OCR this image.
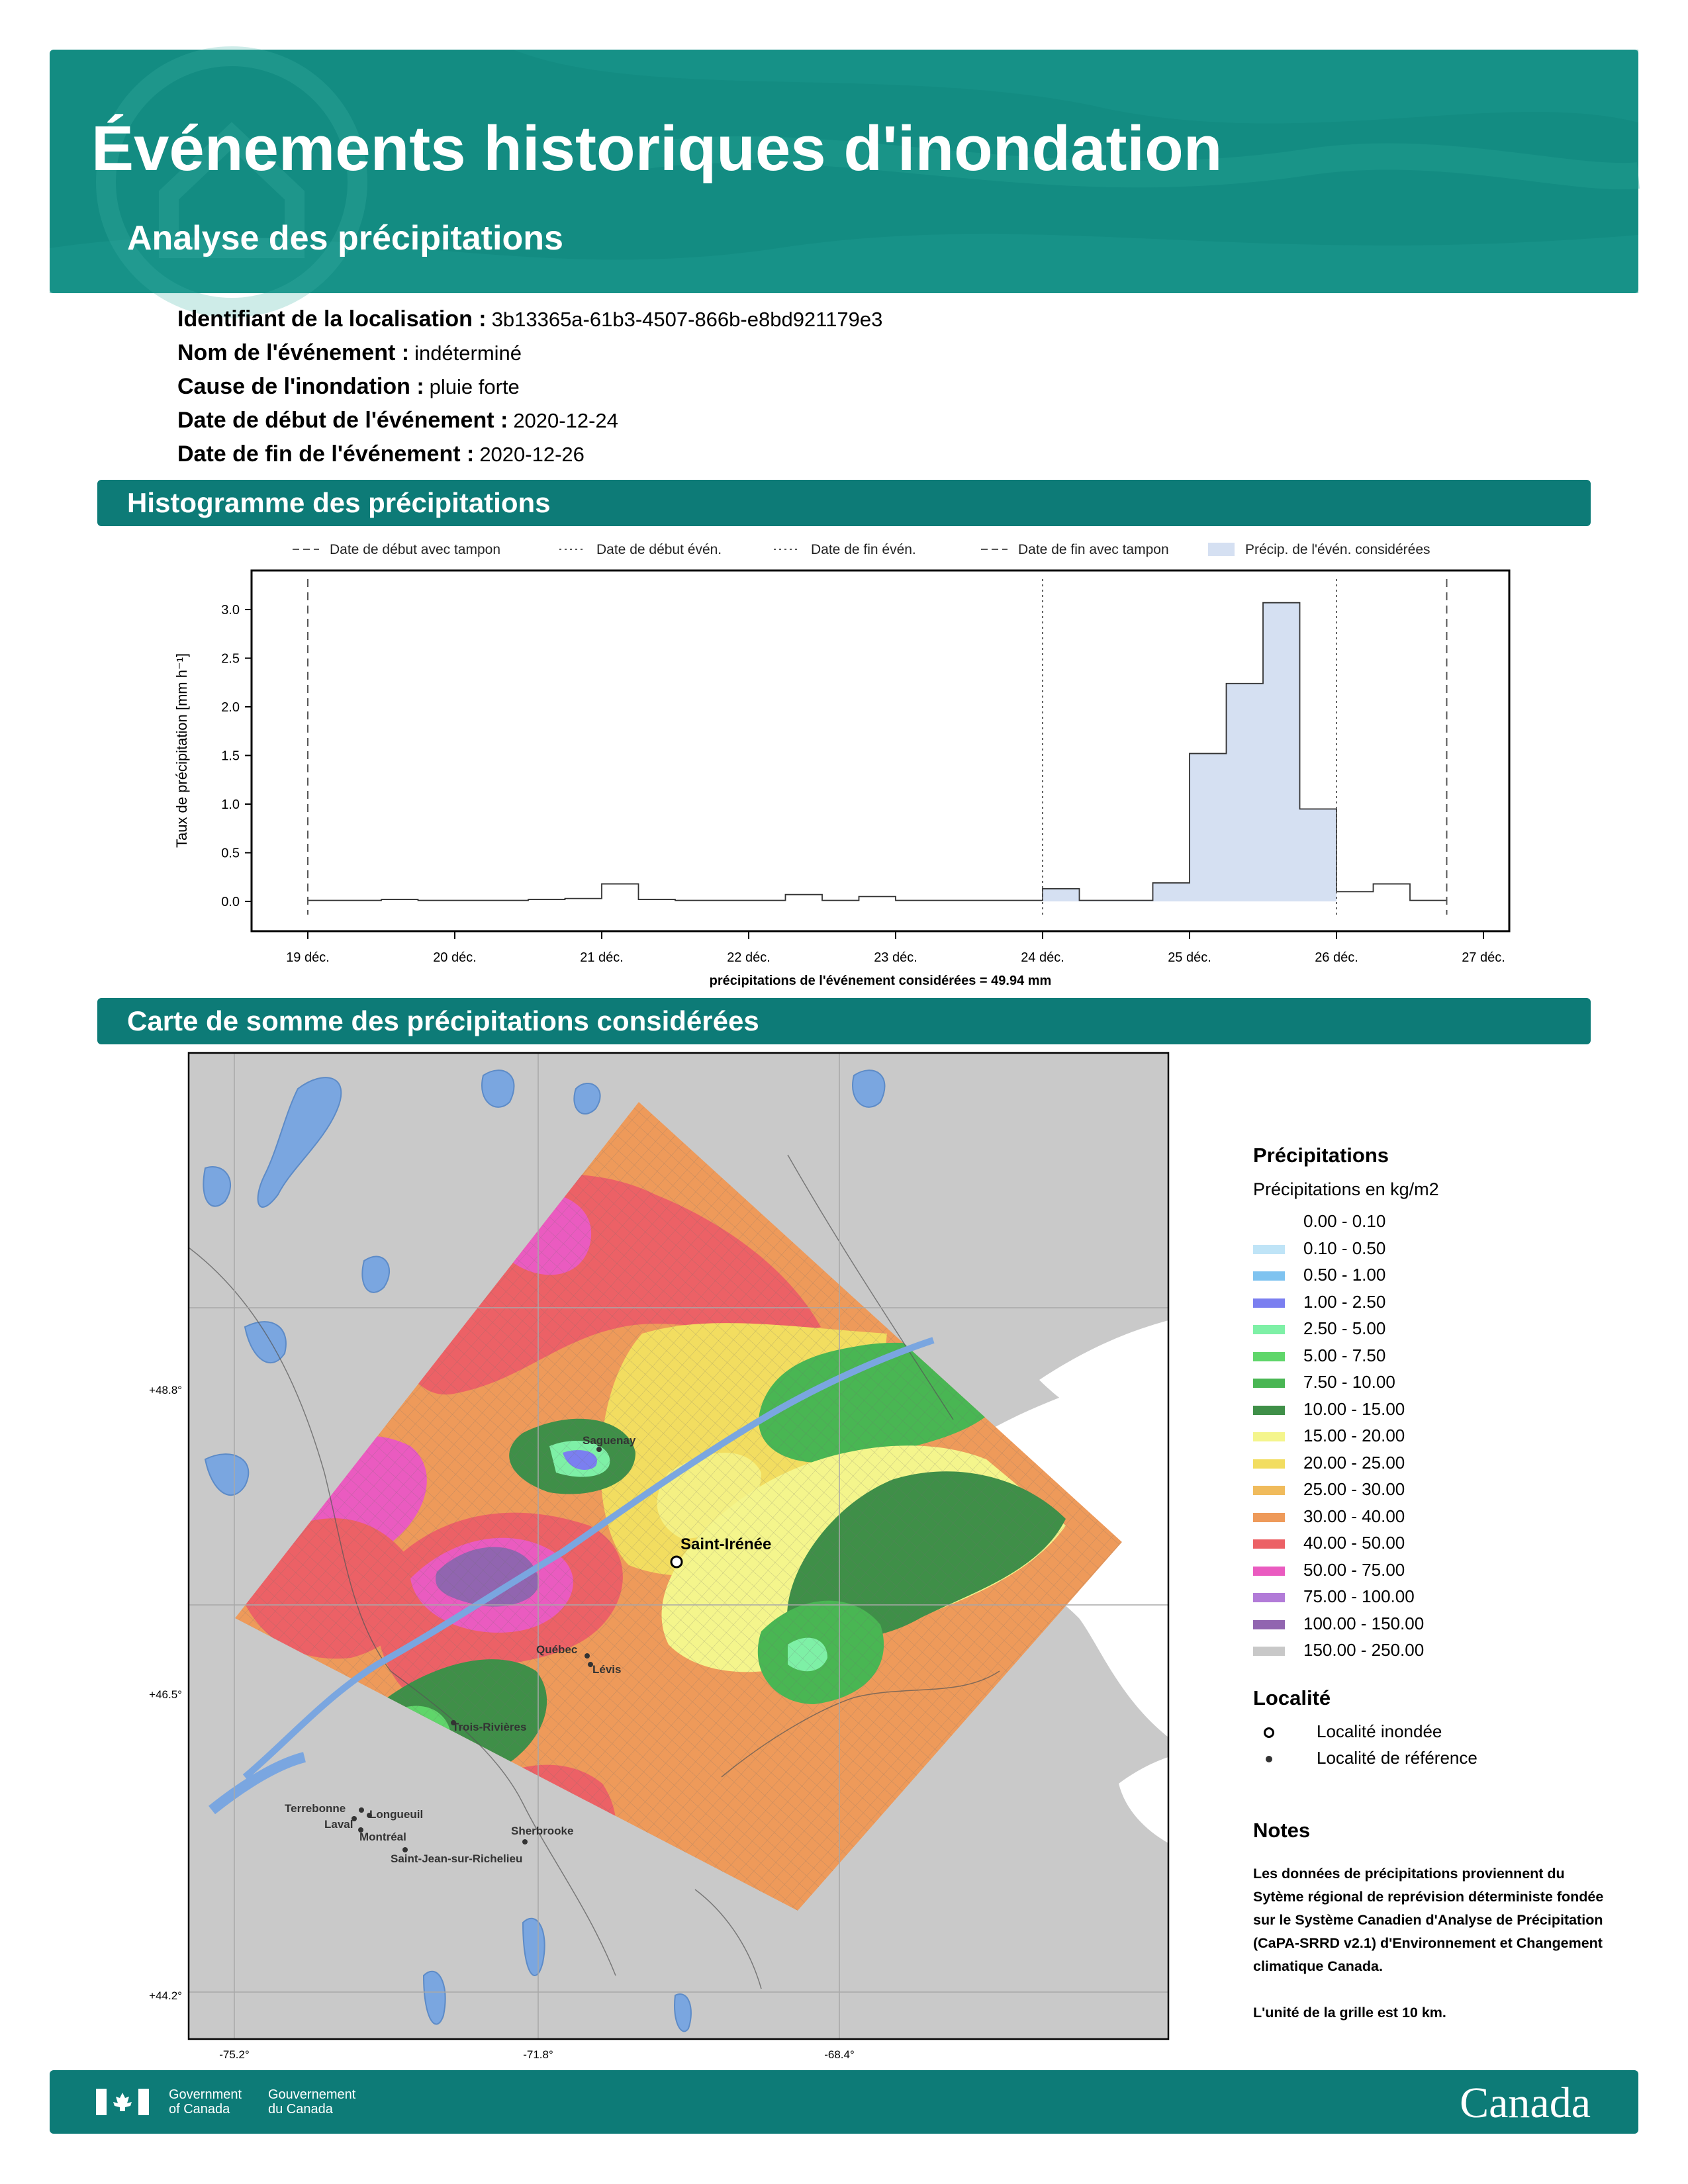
Événements historiques d'inondation
Analyse des précipitations
Identifiant de la localisation : 3b13365a-61b3-4507-866b-e8bd921179e3
Nom de l'événement : indéterminé
Cause de l'inondation : pluie forte
Date de début de l'événement : 2020-12-24
Date de fin de l'événement : 2020-12-26
Histogramme des précipitations
Date de début avec tampon	Date de début évén.	Date de fin évén.	Date de fin avec tampon	Précip. de l'évén. considérées
0.0
0.5
1.0
1.5
2.0
2.5
3.0
19 déc.	20 déc.	21 déc.	22 déc.	23 déc.	24 déc.	25 déc.	26 déc.	27 déc.
Taux de précipitation [mm h⁻¹]
précipitations de l'événement considérées = 49.94 mm
Carte de somme des précipitations considérées
+48.8°
+46.5°
+44.2°
-75.2°	-71.8°	-68.4°
Saguenay
Québec
Lévis
Trois-Rivières
Terrebonne
Laval
Longueuil
Montréal	Sherbrooke
Saint-Jean-sur-Richelieu
Saint-Irénée
Précipitations
Précipitations en kg/m2
0.00 - 0.10
0.10 - 0.50
0.50 - 1.00
1.00 - 2.50
2.50 - 5.00
5.00 - 7.50
7.50 - 10.00
10.00 - 15.00
15.00 - 20.00
20.00 - 25.00
25.00 - 30.00
30.00 - 40.00
40.00 - 50.00
50.00 - 75.00
75.00 - 100.00
100.00 - 150.00
150.00 - 250.00
Localité
Localité inondée
Localité de référence
Notes
Les données de précipitations proviennent du Sytème régional de reprévision déterministe fondée sur le Système Canadien d'Analyse de Précipitation (CaPA-SRRD v2.1) d'Environnement et Changement climatique Canada.
L'unité de la grille est 10 km.
Government
of Canada
Gouvernement
du Canada	Canada
